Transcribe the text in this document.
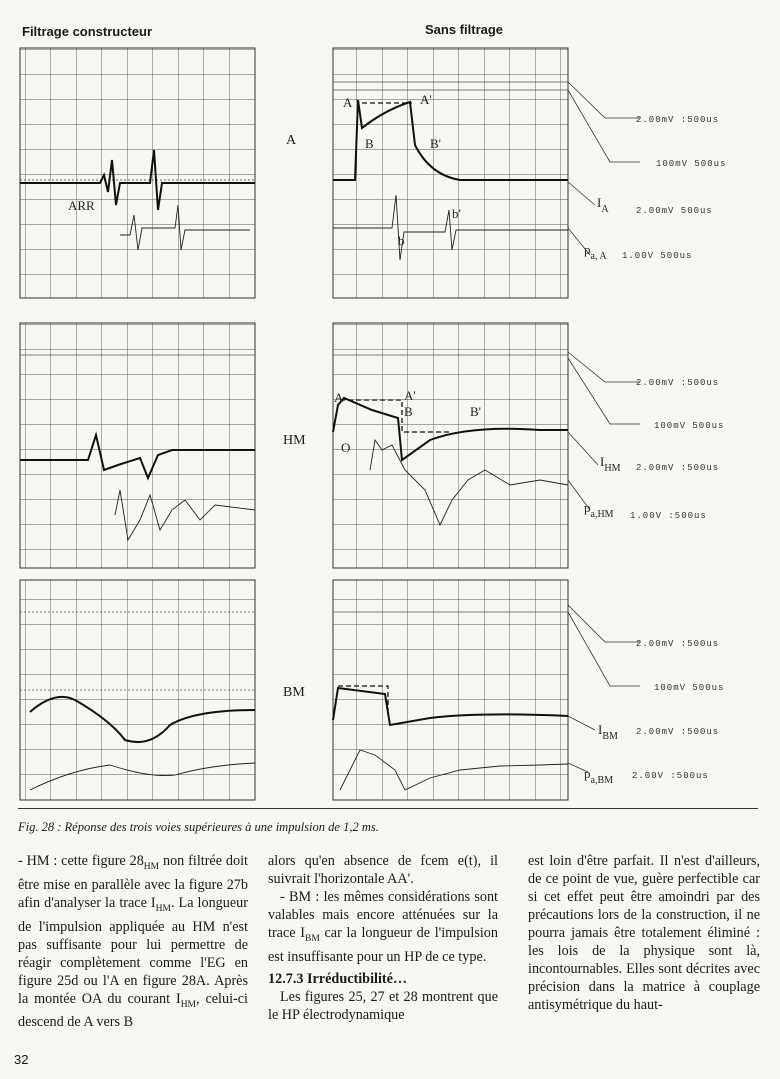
Filtrage constructeur	Sans filtrage
ARR
A	A'
B	B'
b
b'
A	A'
B	B'
O
2.00mV :500us
100mV 500us
2.00mV 500us
1.00V 500us
$I_A$
$p_{a, A}$
2.00mV :500us
100mV 500us
2.00mV :500us
1.00V :500us
$I_{HM}$
$p_{a,HM}$
2.00mV :500us
100mV 500us
2.00mV :500us
2.00V :500us
$I_{BM}$
$p_{a,BM}$
A
HM
BM
Fig. 28 : Réponse des trois voies supérieures à une impulsion de 1,2 ms.

- HM : cette figure $28_{HM}$ non filtrée doit être mise en parallèle avec la figure 27b afin d'analyser la trace $I_{HM}$. La longueur de l'impulsion appliquée au HM n'est pas suffisante pour lui permettre de réagir complètement comme l'EG en figure 25d ou l'A en figure 28A. Après la montée OA du courant $I_{HM}$, celui-ci descend de A vers B

alors qu'en absence de fcem e(t), il suivrait l'horizontale AA'.

- BM : les mêmes considérations sont valables mais encore atténuées sur la trace $I_{BM}$ car la longueur de l'impulsion est insuffisante pour un HP de ce type.

12.7.3 Irréductibilité…

Les figures 25, 27 et 28 montrent que le HP électrodynamique

est loin d'être parfait. Il n'est d'ailleurs, de ce point de vue, guère perfectible car si cet effet peut être amoindri par des précautions lors de la construction, il ne pourra jamais être totalement éliminé : les lois de la physique sont là, incontournables. Elles sont décrites avec précision dans la matrice à couplage antisymétrique du haut-

32
